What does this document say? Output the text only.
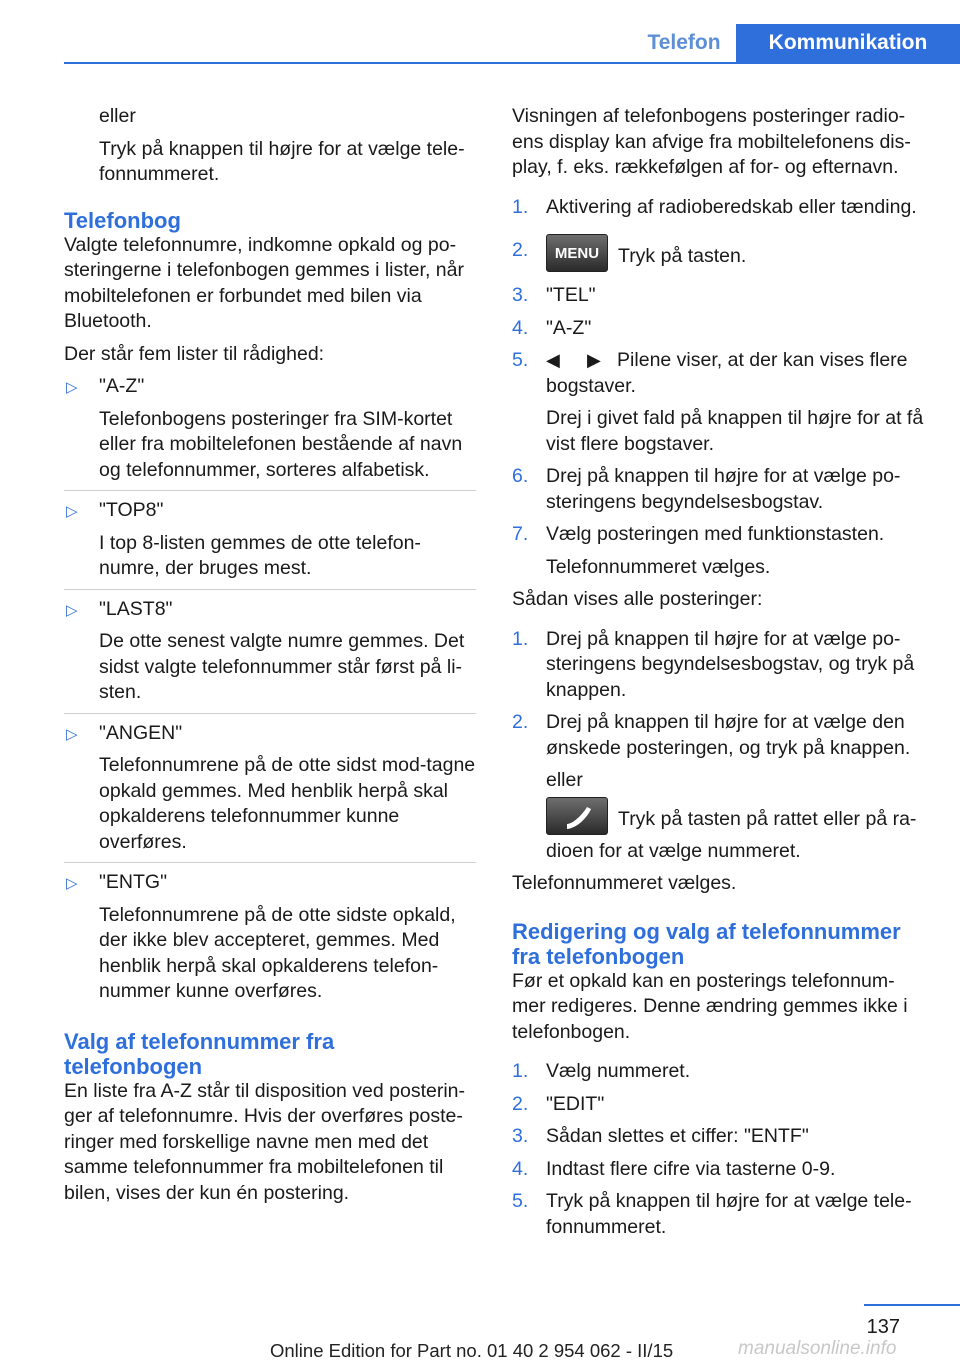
Telefon	Kommunikation

eller

Tryk på knappen til højre for at vælge tele-fonnummeret.

Telefonbog

Valgte telefonnumre, indkomne opkald og po-steringerne i telefonbogen gemmes i lister, når mobiltelefonen er forbundet med bilen via Bluetooth.

Der står fem lister til rådighed:

▷ "A-Z"

Telefonbogens posteringer fra SIM-kortet eller fra mobiltelefonen bestående af navn og telefonnummer, sorteres alfabetisk.

▷ "TOP8"

I top 8-listen gemmes de otte telefon-numre, der bruges mest.

▷ "LAST8"

De otte senest valgte numre gemmes. Det sidst valgte telefonnummer står først på li-sten.

▷ "ANGEN"

Telefonnumrene på de otte sidst mod-tagne opkald gemmes. Med henblik herpå skal opkalderens telefonnummer kunne overføres.

▷ "ENTG"

Telefonnumrene på de otte sidste opkald, der ikke blev accepteret, gemmes. Med henblik herpå skal opkalderens telefon-nummer kunne overføres.

Valg af telefonnummer fra telefonbogen

En liste fra A-Z står til disposition ved posterin-ger af telefonnumre. Hvis der overføres poste-ringer med forskellige navne men med det samme telefonnummer fra mobiltelefonen til bilen, vises der kun én postering.

Visningen af telefonbogens posteringer radio-ens display kan afvige fra mobiltelefonens dis-play, f. eks. rækkefølgen af for- og efternavn.

1. Aktivering af radioberedskab eller tænding.

2. MENU Tryk på tasten.

3. "TEL"

4. "A-Z"

5. ◀ ▶ Pilene viser, at der kan vises flere bogstaver.

Drej i givet fald på knappen til højre for at få vist flere bogstaver.

6. Drej på knappen til højre for at vælge po-steringens begyndelsesbogstav.

7. Vælg posteringen med funktionstasten.

Telefonnummeret vælges.

Sådan vises alle posteringer:

1. Drej på knappen til højre for at vælge po-steringens begyndelsesbogstav, og tryk på knappen.

2. Drej på knappen til højre for at vælge den ønskede posteringen, og tryk på knappen.

eller

Tryk på tasten på rattet eller på ra-dioen for at vælge nummeret.

Telefonnummeret vælges.

Redigering og valg af telefonnummer fra telefonbogen

Før et opkald kan en posterings telefonnum-mer redigeres. Denne ændring gemmes ikke i telefonbogen.

1. Vælg nummeret.

2. "EDIT"

3. Sådan slettes et ciffer: "ENTF"

4. Indtast flere cifre via tasterne 0-9.

5. Tryk på knappen til højre for at vælge tele-fonnummeret.

137
Online Edition for Part no. 01 40 2 954 062 - II/15	manualsonline.info
